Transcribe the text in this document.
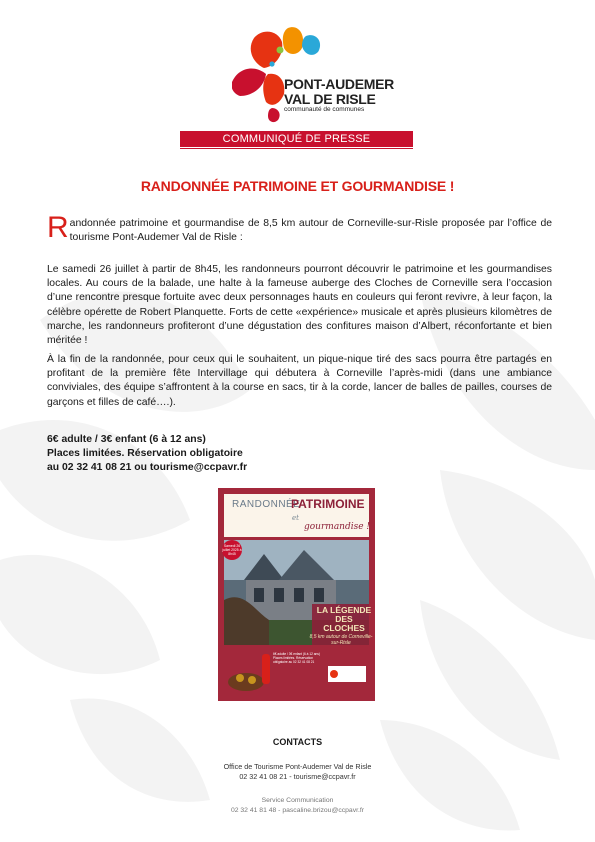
PONT-AUDEMER
VAL DE RISLE
communauté de communes
COMMUNIQUÉ DE PRESSE
RANDONNÉE PATRIMOINE ET GOURMANDISE !
R andonnée patrimoine et gourmandise de 8,5 km autour de Corneville-sur-Risle proposée par l’office de tourisme Pont-Audemer Val de Risle :

Le samedi 26 juillet à partir de 8h45, les randonneurs pourront découvrir le patrimoine et les gourmandises locales. Au cours de la balade, une halte à la fameuse auberge des Cloches de Corneville sera l’occasion d’une rencontre presque fortuite avec deux personnages hauts en couleurs qui feront revivre, à leur façon, la célèbre opérette de Robert Planquette. Forts de cette «expérience» musicale et après plusieurs kilomètres de marche, les randonneurs profiteront d’une dégustation des confitures maison d’Albert, réconfortante et bien méritée !

À la fin de la randonnée, pour ceux qui le souhaitent, un pique-nique tiré des sacs pourra être partagés en profitant de la première fête Intervillage qui débutera à Corneville l’après-midi (dans une ambiance conviviales, des équipe s’affrontent à la course en sacs, tir à la corde, lancer de balles de pailles, courses de garçons et filles de café….).

6€ adulte / 3€ enfant (6 à 12 ans)
Places limitées. Réservation obligatoire
au 02 32 41 08 21 ou tourisme@ccpavr.fr
RANDONNÉE
PATRIMOINE
et
gourmandise !
Samedi 26 juillet 2025 à 8h45
LA LÉGENDE DES CLOCHES
8,5 km autour de Corneville-sur-Risle
6€ adulte / 3€ enfant (6 à 12 ans) Places limitées. Réservation obligatoire au 02 32 41 08 21
CONTACTS
Office de Tourisme Pont-Audemer Val de Risle
02 32 41 08 21 - tourisme@ccpavr.fr
Service Communication
02 32 41 81 48 - pascaline.brizou@ccpavr.fr
